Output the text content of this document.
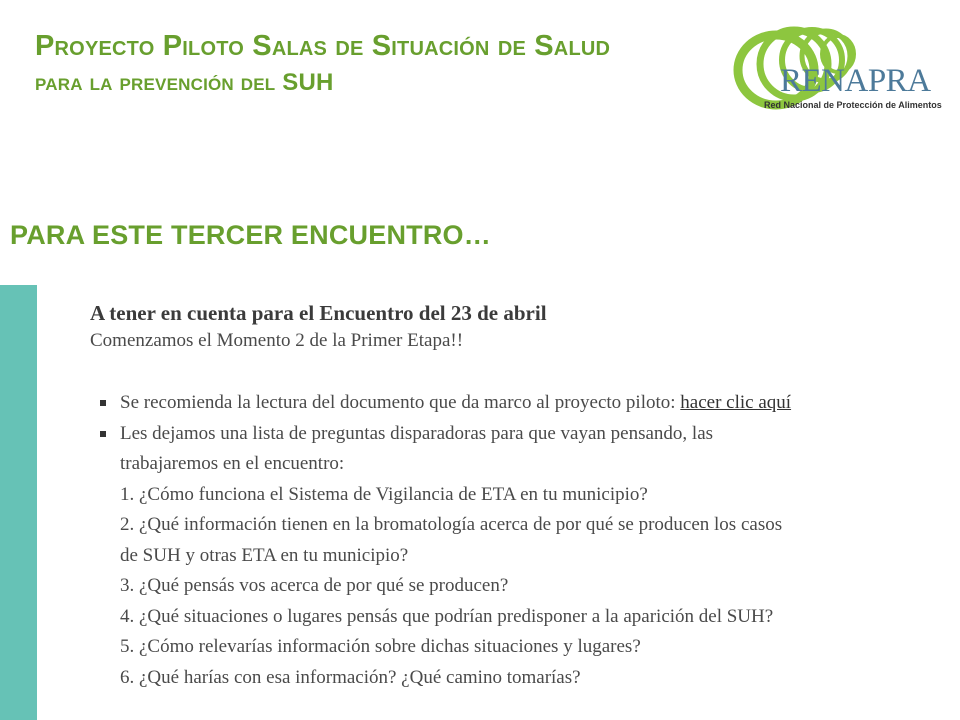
Proyecto Piloto Salas de Situación de Salud
para la prevención del SUH	RENAPRA
Red Nacional de Protección de Alimentos
PARA ESTE TERCER ENCUENTRO…
A tener en cuenta para el Encuentro del 23 de abril
Comenzamos el Momento 2 de la Primer Etapa!!
Se recomienda la lectura del documento que da marco al proyecto piloto: hacer clic aquí
Les dejamos una lista de preguntas disparadoras para que vayan pensando, las
trabajaremos en el encuentro:
1. ¿Cómo funciona el Sistema de Vigilancia de ETA en tu municipio?
2. ¿Qué información tienen en la bromatología acerca de por qué se producen los casos
de SUH y otras ETA en tu municipio?
3. ¿Qué pensás vos acerca de por qué se producen?
4. ¿Qué situaciones o lugares pensás que podrían predisponer a la aparición del SUH?
5. ¿Cómo relevarías información sobre dichas situaciones y lugares?
6. ¿Qué harías con esa información? ¿Qué camino tomarías?
